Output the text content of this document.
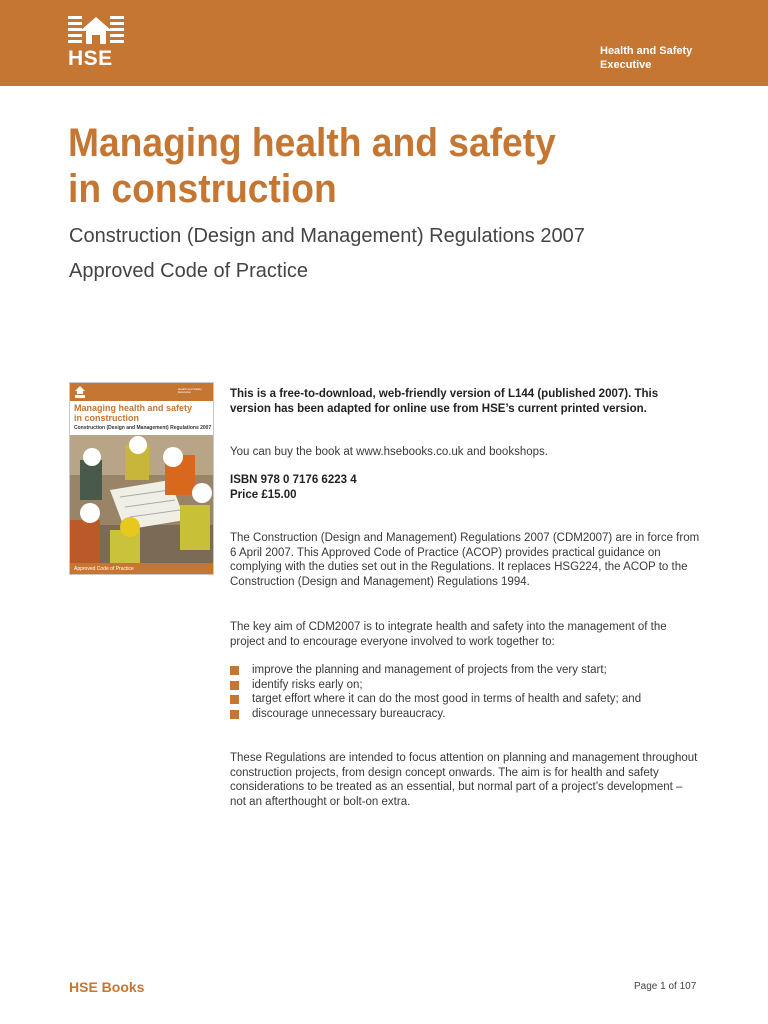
HSE	Health and Safety
Executive
Managing health and safety
in construction
Construction (Design and Management) Regulations 2007
Approved Code of Practice
Health and Safety Executive
Managing health and safety
in construction
Construction (Design and Management) Regulations 2007
Approved Code of Practice

This is a free-to-download, web-friendly version of L144 (published 2007). This version has been adapted for online use from HSE’s current printed version.

You can buy the book at www.hsebooks.co.uk and bookshops.

ISBN 978 0 7176 6223 4
Price £15.00

The Construction (Design and Management) Regulations 2007 (CDM2007) are in force from 6 April 2007. This Approved Code of Practice (ACOP) provides practical guidance on complying with the duties set out in the Regulations. It replaces HSG224, the ACOP to the Construction (Design and Management) Regulations 1994.

The key aim of CDM2007 is to integrate health and safety into the management of the project and to encourage everyone involved to work together to:

improve the planning and management of projects from the very start;
identify risks early on;
target effort where it can do the most good in terms of health and safety; and
discourage unnecessary bureaucracy.

These Regulations are intended to focus attention on planning and management throughout construction projects, from design concept onwards. The aim is for health and safety considerations to be treated as an essential, but normal part of a project’s development – not an afterthought or bolt-on extra.

HSE Books	Page 1 of 107
